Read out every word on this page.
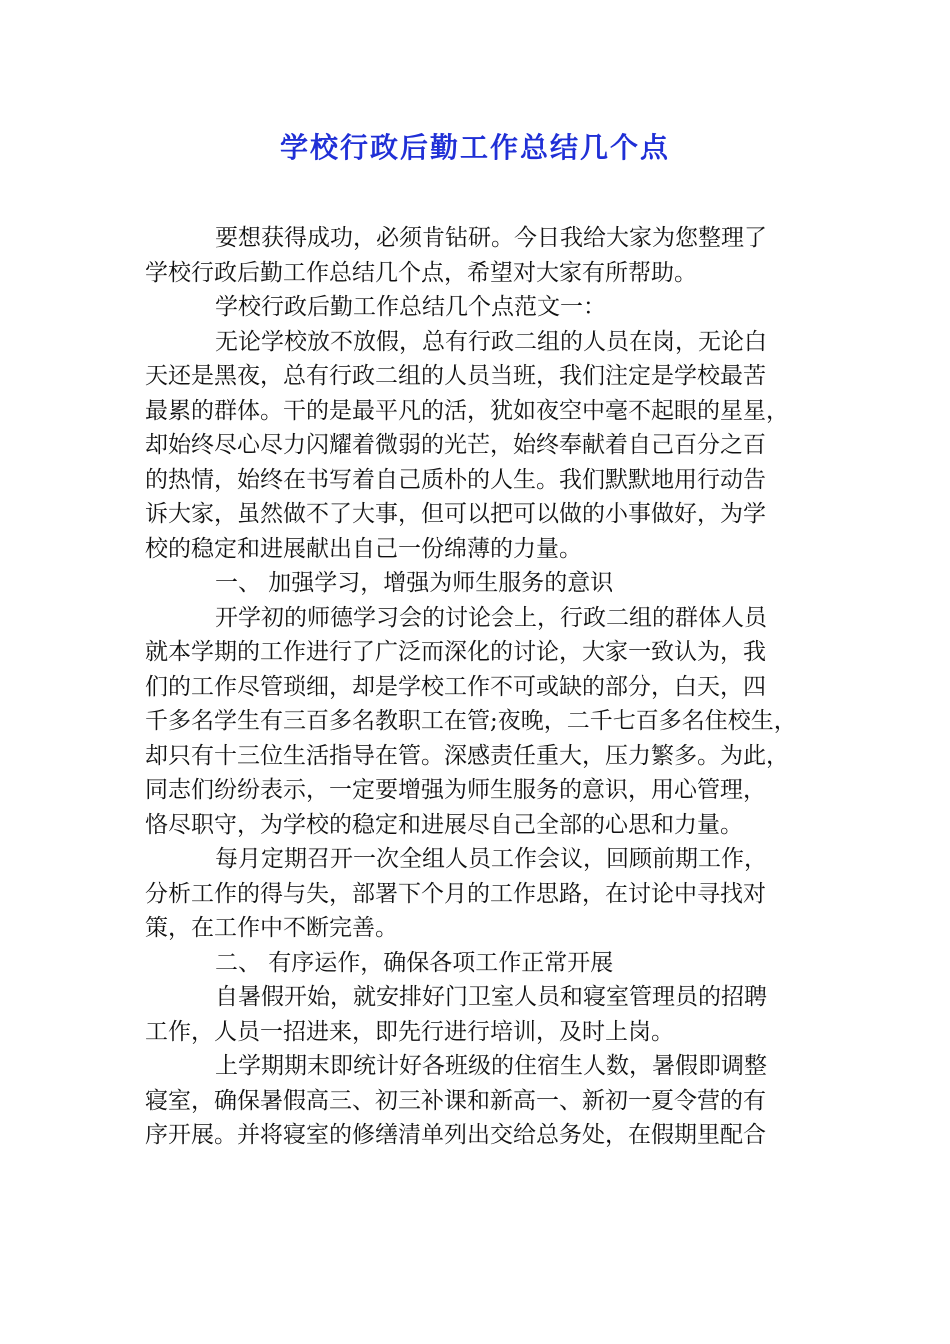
学校行政后勤工作总结几个点
要想获得成功，必须肯钻研。今日我给大家为您整理了
学校行政后勤工作总结几个点，希望对大家有所帮助。
学校行政后勤工作总结几个点范文一：
无论学校放不放假，总有行政二组的人员在岗，无论白
天还是黑夜，总有行政二组的人员当班，我们注定是学校最苦
最累的群体。干的是最平凡的活，犹如夜空中毫不起眼的星星，
却始终尽心尽力闪耀着微弱的光芒，始终奉献着自己百分之百
的热情，始终在书写着自己质朴的人生。我们默默地用行动告
诉大家，虽然做不了大事，但可以把可以做的小事做好，为学
校的稳定和进展献出自己一份绵薄的力量。
一、 加强学习，增强为师生服务的意识
开学初的师德学习会的讨论会上，行政二组的群体人员
就本学期的工作进行了广泛而深化的讨论，大家一致认为，我
们的工作尽管琐细，却是学校工作不可或缺的部分，白天，四
千多名学生有三百多名教职工在管;夜晚，二千七百多名住校生，
却只有十三位生活指导在管。深感责任重大，压力繁多。为此，
同志们纷纷表示，一定要增强为师生服务的意识，用心管理，
恪尽职守，为学校的稳定和进展尽自己全部的心思和力量。
每月定期召开一次全组人员工作会议，回顾前期工作，
分析工作的得与失，部署下个月的工作思路，在讨论中寻找对
策，在工作中不断完善。
二、 有序运作，确保各项工作正常开展
自暑假开始，就安排好门卫室人员和寝室管理员的招聘
工作，人员一招进来，即先行进行培训，及时上岗。
上学期期末即统计好各班级的住宿生人数，暑假即调整
寝室，确保暑假高三、初三补课和新高一、新初一夏令营的有
序开展。并将寝室的修缮清单列出交给总务处，在假期里配合
